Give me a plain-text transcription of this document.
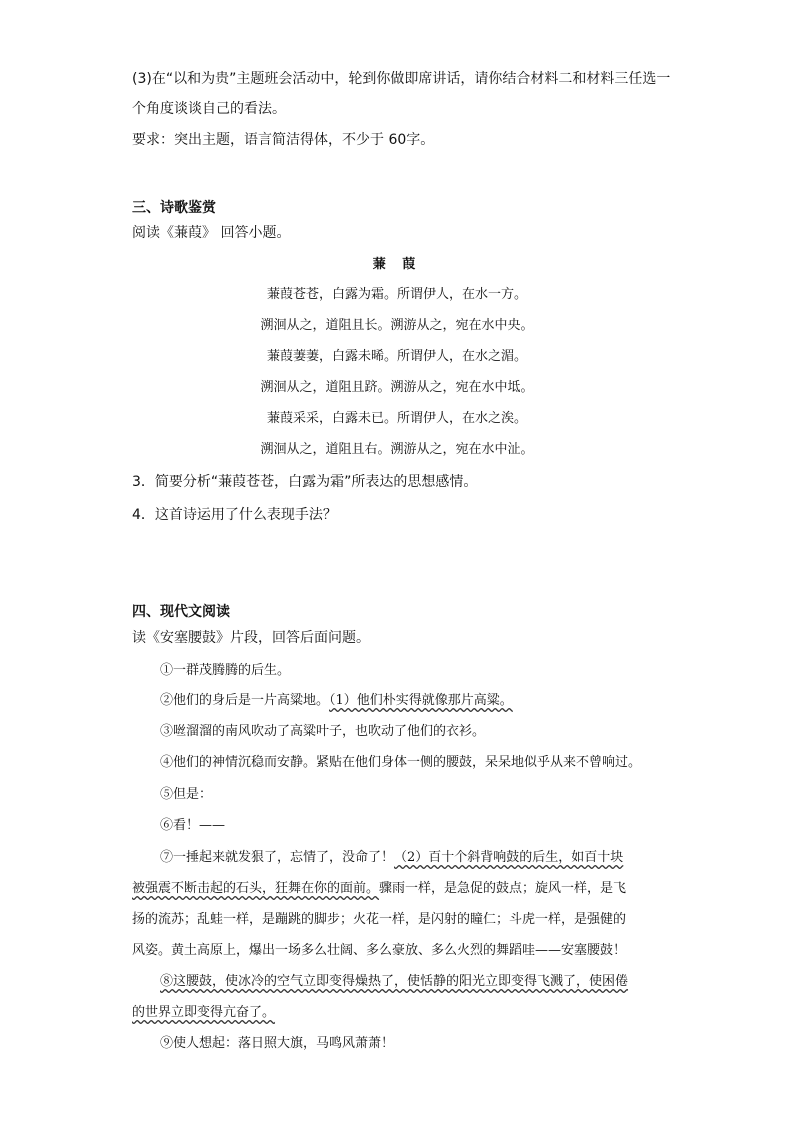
(3)在“以和为贵”主题班会活动中，轮到你做即席讲话，请你结合材料二和材料三任选一
个角度谈谈自己的看法。
要求：突出主题，语言简洁得体，不少于 60字。
三、诗歌鉴赏
阅读《蒹葭》 回答小题。
蒹 葭
蒹葭苍苍，白露为霜。所谓伊人，在水一方。
溯洄从之，道阻且长。溯游从之，宛在水中央。
蒹葭萋萋，白露未晞。所谓伊人，在水之湄。
溯洄从之，道阻且跻。溯游从之，宛在水中坻。
蒹葭采采，白露未已。所谓伊人，在水之涘。
溯洄从之，道阻且右。溯游从之，宛在水中沚。
3．简要分析“蒹葭苍苍，白露为霜”所表达的思想感情。
4．这首诗运用了什么表现手法？
四、现代文阅读
读《安塞腰鼓》片段，回答后面问题。
①一群茂腾腾的后生。
②他们的身后是一片高粱地。（1）他们朴实得就像那片高粱。
③咝溜溜的南风吹动了高粱叶子，也吹动了他们的衣衫。
④他们的神情沉稳而安静。紧贴在他们身体一侧的腰鼓，呆呆地似乎从来不曾响过。
⑤但是：
⑥看！——
⑦一捶起来就发狠了，忘情了，没命了！（2）百十个斜背响鼓的后生，如百十块
被强震不断击起的石头，狂舞在你的面前。骤雨一样，是急促的鼓点；旋风一样，是飞
扬的流苏；乱蛙一样，是蹦跳的脚步；火花一样，是闪射的瞳仁；斗虎一样，是强健的
风姿。黄土高原上，爆出一场多么壮阔、多么豪放、多么火烈的舞蹈哇——安塞腰鼓！
⑧这腰鼓，使冰冷的空气立即变得燥热了，使恬静的阳光立即变得飞溅了，使困倦
的世界立即变得亢奋了。
⑨使人想起：落日照大旗，马鸣风萧萧！
